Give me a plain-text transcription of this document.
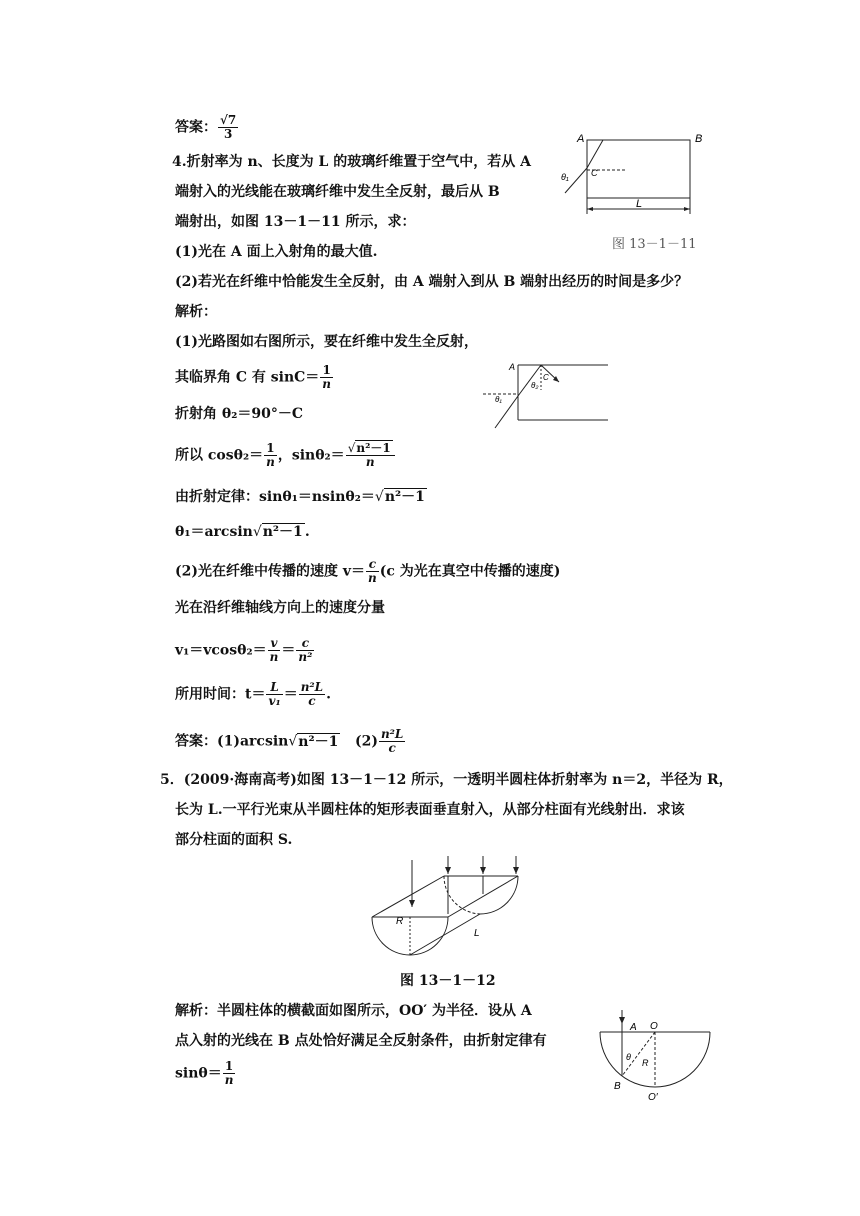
答案： $\frac{√7}{3}$
4.折射率为 n、长度为 L 的玻璃纤维置于空气中，若从 A
端射入的光线能在玻璃纤维中发生全反射，最后从 B
端射出，如图 13－1－11 所示，求：
(1)光在 A 面上入射角的最大值.
(2)若光在纤维中恰能发生全反射，由 A 端射入到从 B 端射出经历的时间是多少？
解析：
(1)光路图如右图所示，要在纤维中发生全反射，
其临界角 C 有 $\sin C= \frac{1}{n}$
折射角 θ₂＝90°－C
所以 $\cos\theta_2= \frac{1}{n}$ ，$\sin\theta_2= \frac{\text{√n²－1}}{n}$
由折射定律：sinθ₁＝nsinθ₂＝√n²－1
θ₁＝arcsin√n²－1 .
(2)光在纤维中传播的速度 $v= \frac{c}{n} (c$ 为光在真空中传播的速度)
光在沿纤维轴线方向上的速度分量
$v_1=vcos\theta_2= \frac{v}{n} = \frac{c}{\text{n²}}$
所用时间：$t= \frac{L}{\text{v₁}} = \frac{\text{n²L}}{c}$ .
答案：(1)arcsin√n²－1 $(2) \frac{\text{n²L}}{c}$
A	B
L
θ₁ C
图 13－1－11
A
θ₁
θ₂
C
5．(2009·海南高考)如图 13－1－12 所示，一透明半圆柱体折射率为 n＝2，半径为 R，
长为 L.一平行光束从半圆柱体的矩形表面垂直射入，从部分柱面有光线射出．求该
部分柱面的面积 S.
R
L
图 13－1－12
解析：半圆柱体的横截面如图所示，OO′ 为半径．设从 A
点入射的光线在 B 点处恰好满足全反射条件，由折射定律有
$\sin\theta= \frac{1}{n}$
A O
θ
R
B
O′
